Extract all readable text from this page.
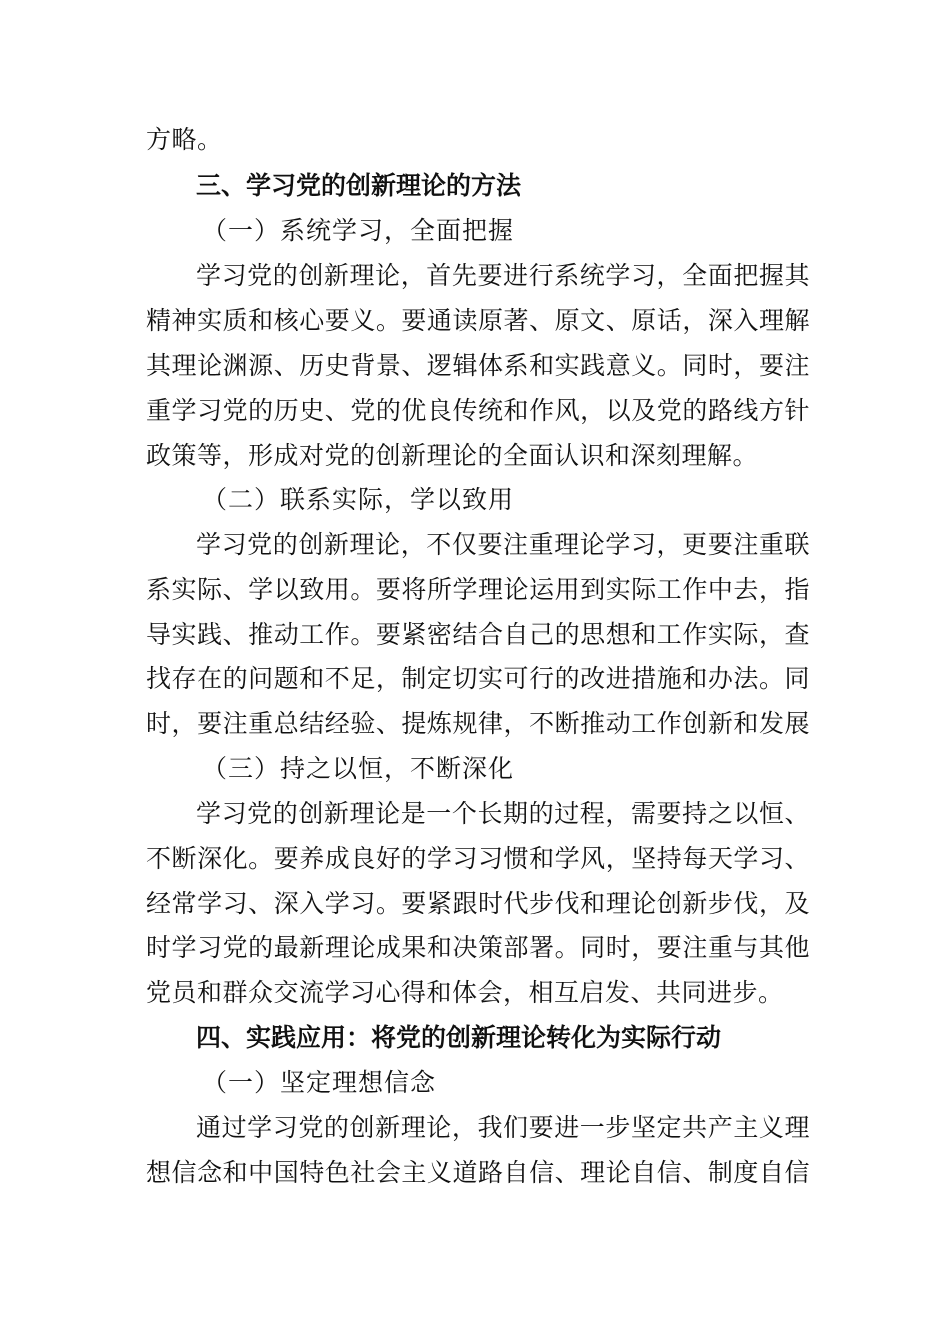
方略。
三、学习党的创新理论的方法
（一）系统学习，全面把握
学习党的创新理论，首先要进行系统学习，全面把握其
精神实质和核心要义。要通读原著、原文、原话，深入理解
其理论渊源、历史背景、逻辑体系和实践意义。同时，要注
重学习党的历史、党的优良传统和作风，以及党的路线方针
政策等，形成对党的创新理论的全面认识和深刻理解。
（二）联系实际，学以致用
学习党的创新理论，不仅要注重理论学习，更要注重联
系实际、学以致用。要将所学理论运用到实际工作中去，指
导实践、推动工作。要紧密结合自己的思想和工作实际，查
找存在的问题和不足，制定切实可行的改进措施和办法。同
时，要注重总结经验、提炼规律，不断推动工作创新和发展
（三）持之以恒，不断深化
学习党的创新理论是一个长期的过程，需要持之以恒、
不断深化。要养成良好的学习习惯和学风，坚持每天学习、
经常学习、深入学习。要紧跟时代步伐和理论创新步伐，及
时学习党的最新理论成果和决策部署。同时，要注重与其他
党员和群众交流学习心得和体会，相互启发、共同进步。
四、实践应用：将党的创新理论转化为实际行动
（一）坚定理想信念
通过学习党的创新理论，我们要进一步坚定共产主义理
想信念和中国特色社会主义道路自信、理论自信、制度自信
